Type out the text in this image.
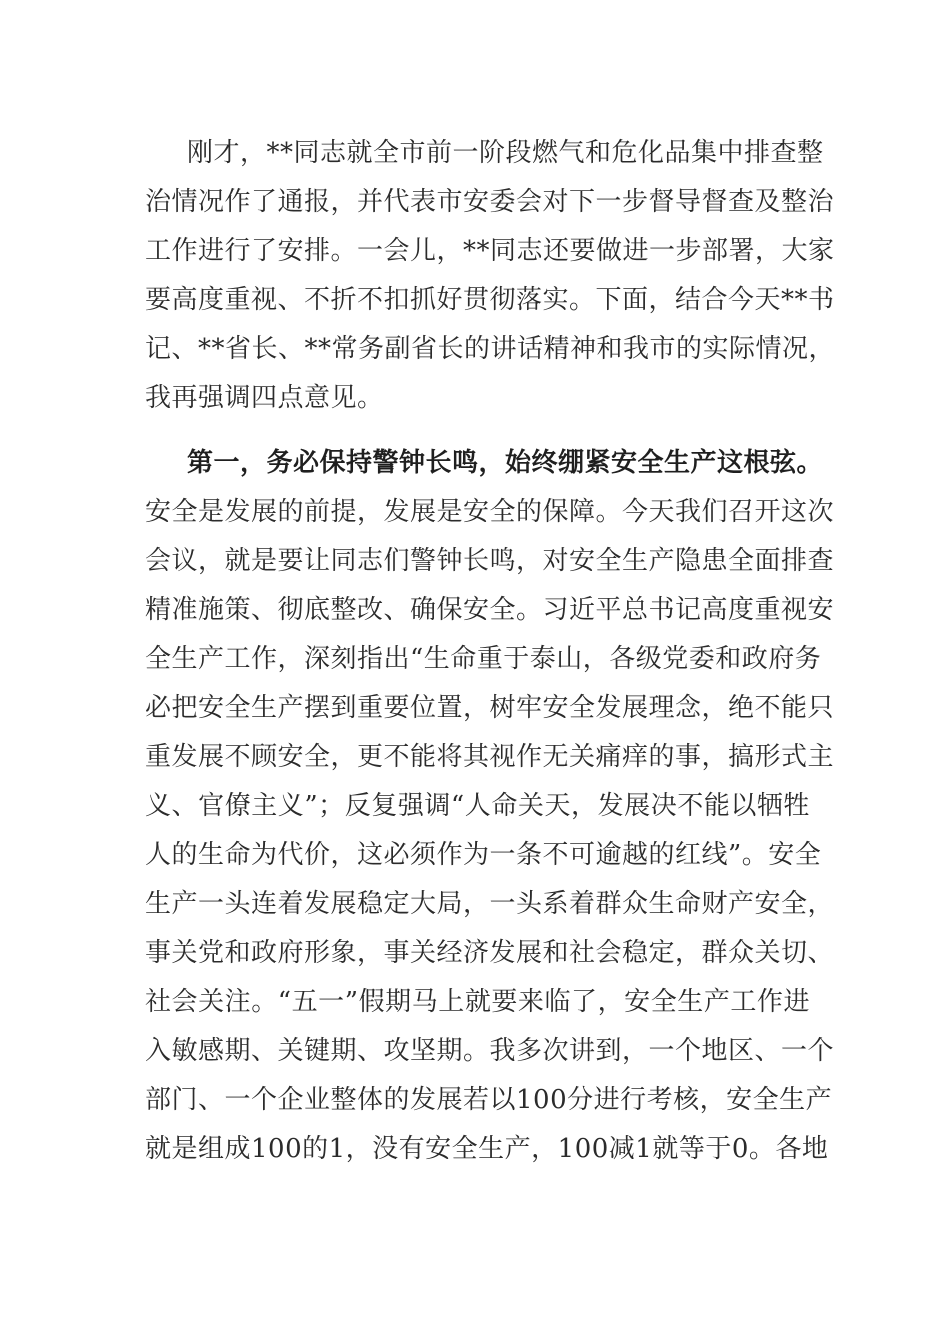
刚才，**同志就全市前一阶段燃气和危化品集中排查整
治情况作了通报，并代表市安委会对下一步督导督查及整治
工作进行了安排。一会儿，**同志还要做进一步部署，大家
要高度重视、不折不扣抓好贯彻落实。下面，结合今天**书
记、**省长、**常务副省长的讲话精神和我市的实际情况，
我再强调四点意见。
第一，务必保持警钟长鸣，始终绷紧安全生产这根弦。
安全是发展的前提，发展是安全的保障。今天我们召开这次
会议，就是要让同志们警钟长鸣，对安全生产隐患全面排查
精准施策、彻底整改、确保安全。习近平总书记高度重视安
全生产工作，深刻指出“生命重于泰山，各级党委和政府务
必把安全生产摆到重要位置，树牢安全发展理念，绝不能只
重发展不顾安全，更不能将其视作无关痛痒的事，搞形式主
义、官僚主义”；反复强调“人命关天，发展决不能以牺牲
人的生命为代价，这必须作为一条不可逾越的红线”。安全
生产一头连着发展稳定大局，一头系着群众生命财产安全，
事关党和政府形象，事关经济发展和社会稳定，群众关切、
社会关注。“五一”假期马上就要来临了，安全生产工作进
入敏感期、关键期、攻坚期。我多次讲到，一个地区、一个
部门、一个企业整体的发展若以100分进行考核，安全生产
就是组成100的1，没有安全生产，100减1就等于0。各地
